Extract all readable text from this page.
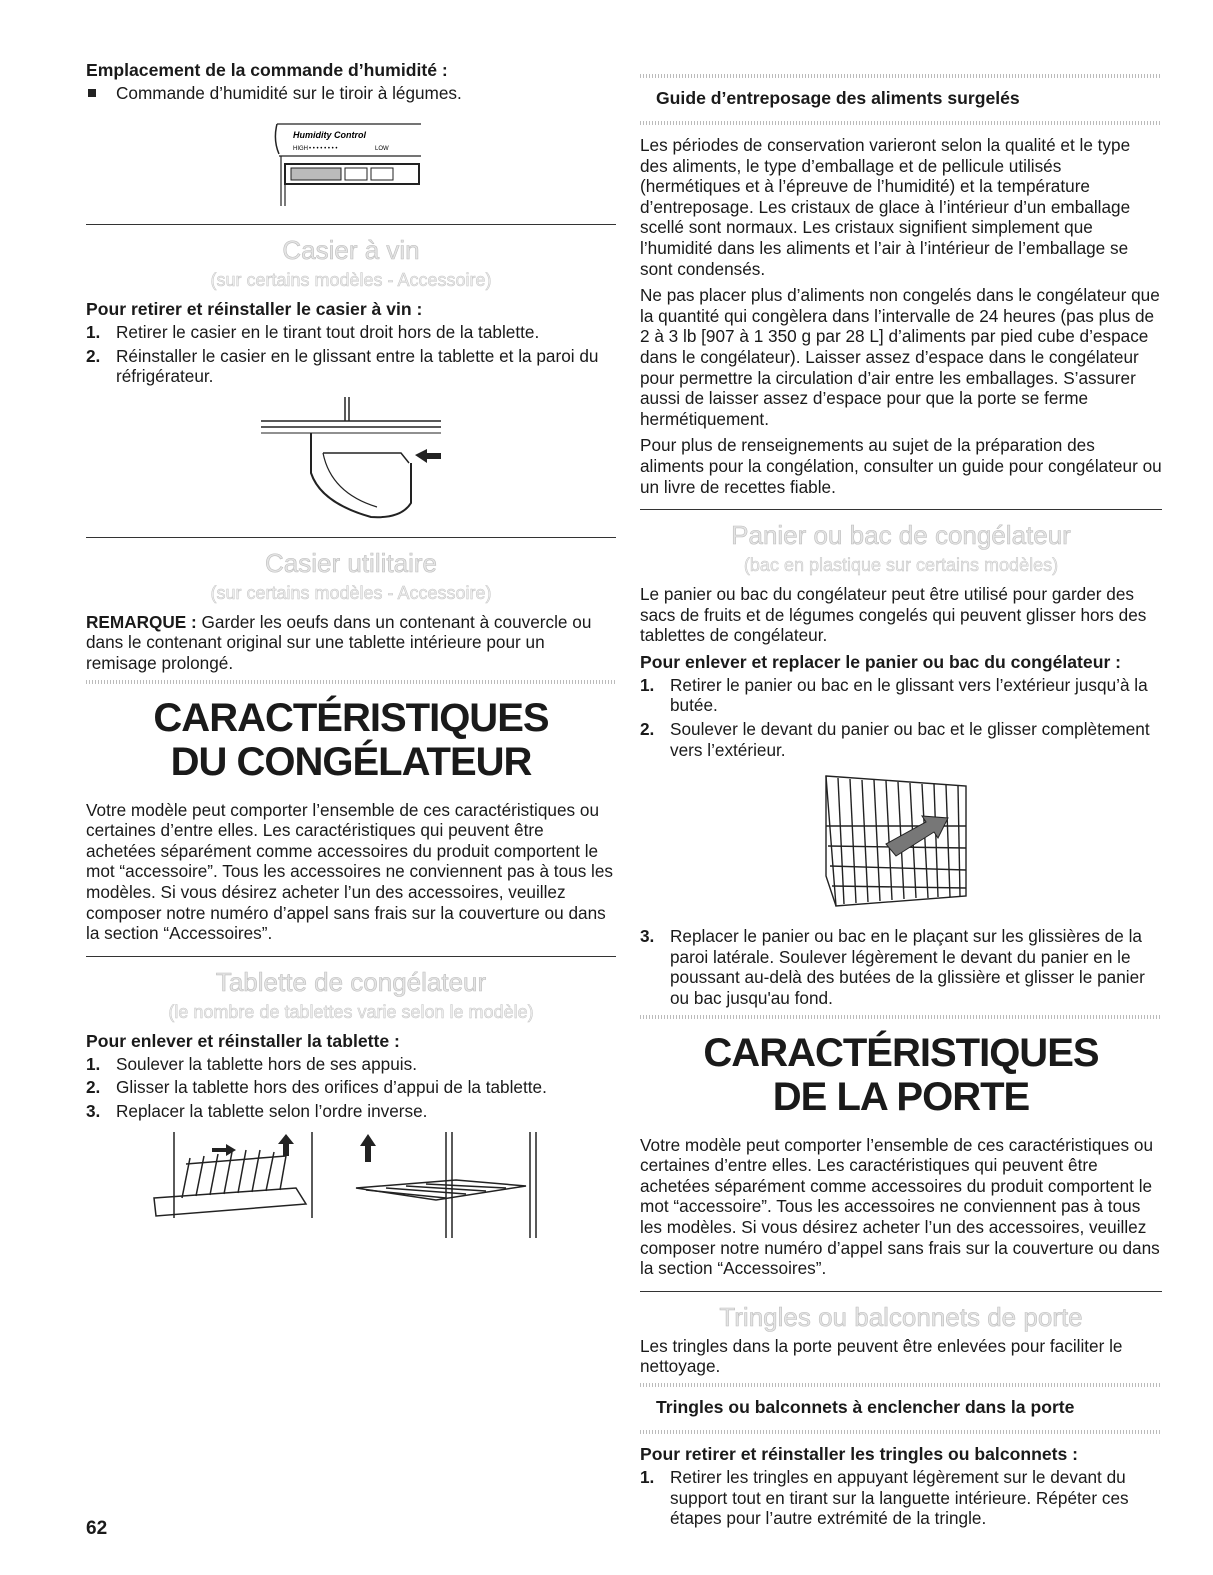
Emplacement de la commande d’humidité :
Commande d’humidité sur le tiroir à légumes.
Humidity Control
HIGH • • • • • • • •	LOW
Casier à vin
(sur certains modèles - Accessoire)
Pour retirer et réinstaller le casier à vin :
1. Retirer le casier en le tirant tout droit hors de la tablette.
2. Réinstaller le casier en le glissant entre la tablette et la paroi du réfrigérateur.
Casier utilitaire
(sur certains modèles - Accessoire)

REMARQUE : Garder les oeufs dans un contenant à couvercle ou dans le contenant original sur une tablette intérieure pour un remisage prolongé.

CARACTÉRISTIQUES
DU CONGÉLATEUR

Votre modèle peut comporter l’ensemble de ces caractéristiques ou certaines d’entre elles. Les caractéristiques qui peuvent être achetées séparément comme accessoires du produit comportent le mot “accessoire”. Tous les accessoires ne conviennent pas à tous les modèles. Si vous désirez acheter l’un des accessoires, veuillez composer notre numéro d’appel sans frais sur la couverture ou dans la section “Accessoires”.

Tablette de congélateur
(le nombre de tablettes varie selon le modèle)
Pour enlever et réinstaller la tablette :
1. Soulever la tablette hors de ses appuis.
2. Glisser la tablette hors des orifices d’appui de la tablette.
3. Replacer la tablette selon l’ordre inverse.
Guide d’entreposage des aliments surgelés

Les périodes de conservation varieront selon la qualité et le type des aliments, le type d’emballage et de pellicule utilisés (hermétiques et à l’épreuve de l’humidité) et la température d’entreposage. Les cristaux de glace à l’intérieur d’un emballage scellé sont normaux. Les cristaux signifient simplement que l’humidité dans les aliments et l’air à l’intérieur de l’emballage se sont condensés.

Ne pas placer plus d’aliments non congelés dans le congélateur que la quantité qui congèlera dans l’intervalle de 24 heures (pas plus de 2 à 3 lb [907 à 1 350 g par 28 L] d’aliments par pied cube d’espace dans le congélateur). Laisser assez d’espace dans le congélateur pour permettre la circulation d’air entre les emballages. S’assurer aussi de laisser assez d’espace pour que la porte se ferme hermétiquement.

Pour plus de renseignements au sujet de la préparation des aliments pour la congélation, consulter un guide pour congélateur ou un livre de recettes fiable.

Panier ou bac de congélateur
(bac en plastique sur certains modèles)

Le panier ou bac du congélateur peut être utilisé pour garder des sacs de fruits et de légumes congelés qui peuvent glisser hors des tablettes de congélateur.

Pour enlever et replacer le panier ou bac du congélateur :
1. Retirer le panier ou bac en le glissant vers l’extérieur jusqu’à la butée.
2. Soulever le devant du panier ou bac et le glisser complètement vers l’extérieur.
3. Replacer le panier ou bac en le plaçant sur les glissières de la paroi latérale. Soulever légèrement le devant du panier en le poussant au-delà des butées de la glissière et glisser le panier ou bac jusqu'au fond.
CARACTÉRISTIQUES
DE LA PORTE

Votre modèle peut comporter l’ensemble de ces caractéristiques ou certaines d’entre elles. Les caractéristiques qui peuvent être achetées séparément comme accessoires du produit comportent le mot “accessoire”. Tous les accessoires ne conviennent pas à tous les modèles. Si vous désirez acheter l’un des accessoires, veuillez composer notre numéro d’appel sans frais sur la couverture ou dans la section “Accessoires”.

Tringles ou balconnets de porte

Les tringles dans la porte peuvent être enlevées pour faciliter le nettoyage.

Tringles ou balconnets à enclencher dans la porte
Pour retirer et réinstaller les tringles ou balconnets :
1. Retirer les tringles en appuyant légèrement sur le devant du support tout en tirant sur la languette intérieure. Répéter ces étapes pour l’autre extrémité de la tringle.
62
